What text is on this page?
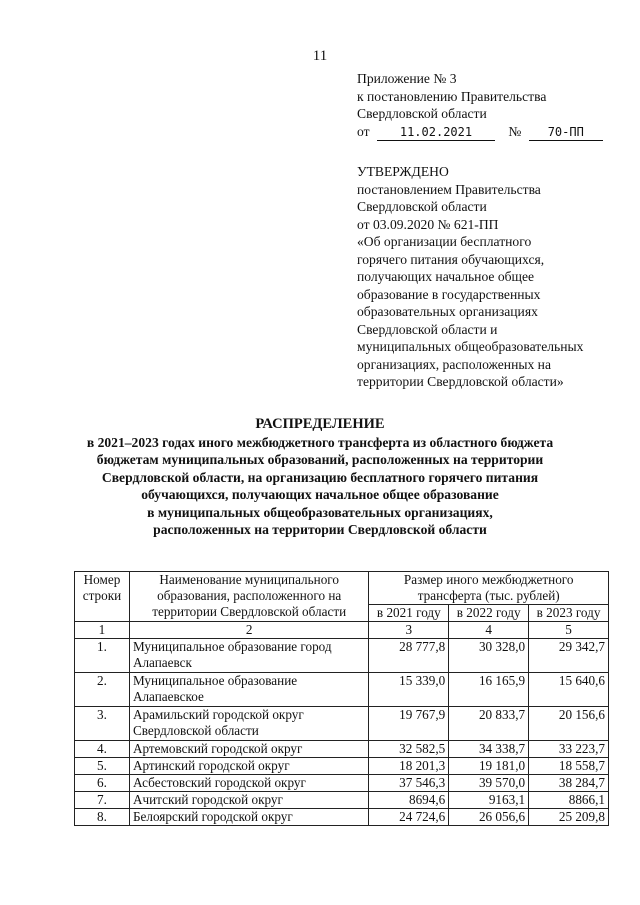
11
Приложение № 3
к постановлению Правительства
Свердловской области
от	11.02.2021	№ 70-ПП
УТВЕРЖДЕНО
постановлением Правительства
Свердловской области
от 03.09.2020 № 621-ПП
«Об организации бесплатного
горячего питания обучающихся,
получающих начальное общее
образование в государственных
образовательных организациях
Свердловской области и
муниципальных общеобразовательных
организациях, расположенных на
территории Свердловской области»
РАСПРЕДЕЛЕНИЕ
в 2021–2023 годах иного межбюджетного трансферта из областного бюджета
бюджетам муниципальных образований, расположенных на территории
Свердловской области, на организацию бесплатного горячего питания
обучающихся, получающих начальное общее образование
в муниципальных общеобразовательных организациях,
расположенных на территории Свердловской области
Номер строки	Наименование муниципального образования, расположенного на территории Свердловской области	Размер иного межбюджетного трансферта (тыс. рублей)		
		в 2021 году	в 2022 году	в 2023 году
1	2	3	4	5
1.	Муниципальное образование город Алапаевск	28 777,8	30 328,0	29 342,7
2.	Муниципальное образование Алапаевское	15 339,0	16 165,9	15 640,6
3.	Арамильский городской округ Свердловской области	19 767,9	20 833,7	20 156,6
4.	Артемовский городской округ	32 582,5	34 338,7	33 223,7
5.	Артинский городской округ	18 201,3	19 181,0	18 558,7
6.	Асбестовский городской округ	37 546,3	39 570,0	38 284,7
7.	Ачитский городской округ	8694,6	9163,1	8866,1
8.	Белоярский городской округ	24 724,6	26 056,6	25 209,8
